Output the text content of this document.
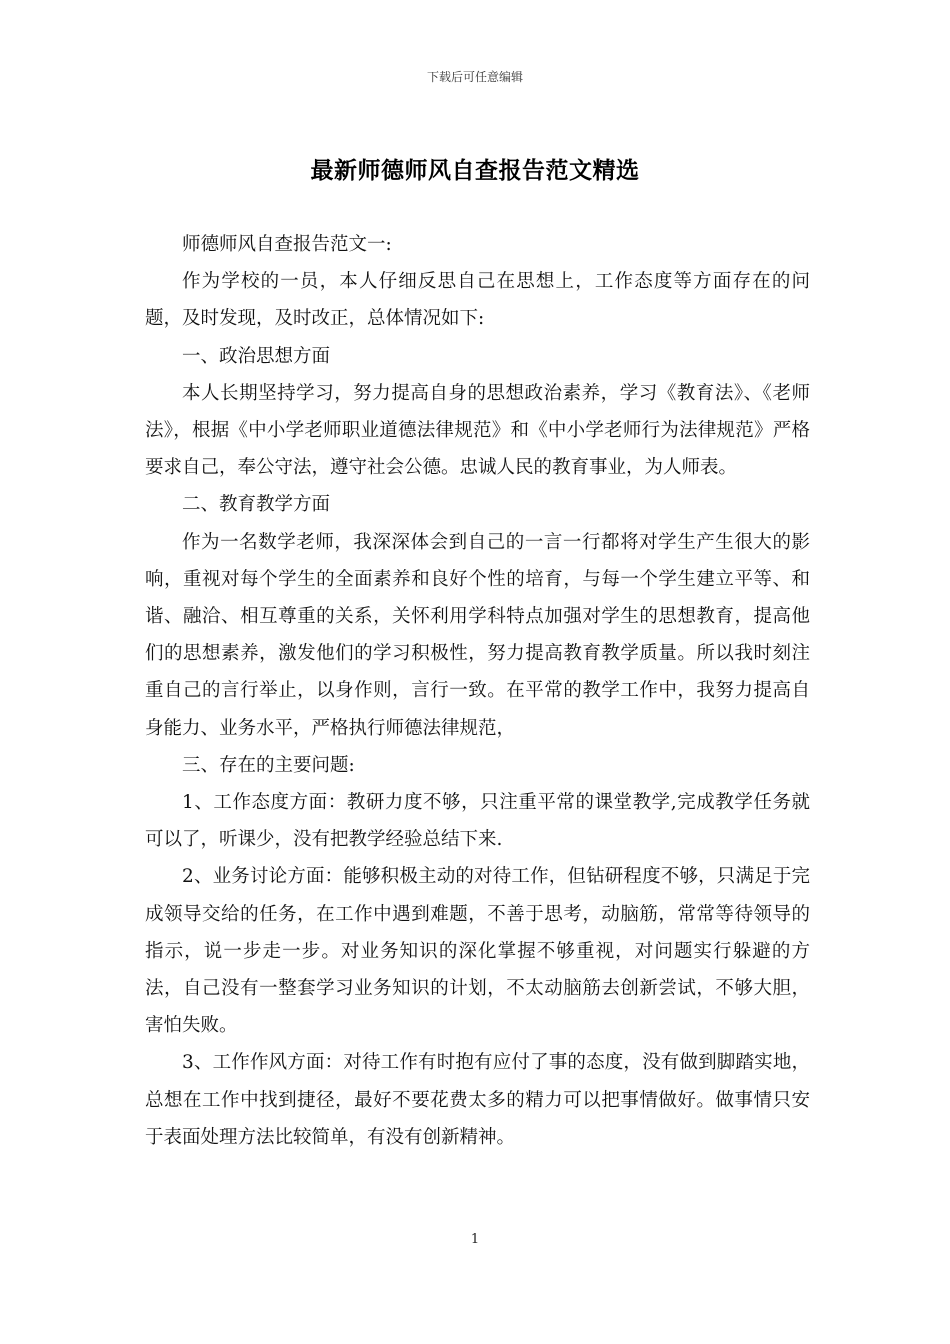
下载后可任意编辑
最新师德师风自查报告范文精选

师德师风自查报告范文一:

作为学校的一员，本人仔细反思自己在思想上，工作态度等方面存在的问题，及时发现，及时改正，总体情况如下:

一、政治思想方面

本人长期坚持学习，努力提高自身的思想政治素养，学习《教育法》、《老师法》，根据《中小学老师职业道德法律规范》和《中小学老师行为法律规范》严格要求自己，奉公守法，遵守社会公德。忠诚人民的教育事业，为人师表。

二、教育教学方面

作为一名数学老师，我深深体会到自己的一言一行都将对学生产生很大的影响，重视对每个学生的全面素养和良好个性的培育，与每一个学生建立平等、和谐、融洽、相互尊重的关系，关怀利用学科特点加强对学生的思想教育，提高他们的思想素养，激发他们的学习积极性，努力提高教育教学质量。所以我时刻注重自己的言行举止，以身作则，言行一致。在平常的教学工作中，我努力提高自身能力、业务水平，严格执行师德法律规范，

三、存在的主要问题:

1、工作态度方面：教研力度不够，只注重平常的课堂教学,完成教学任务就可以了，听课少，没有把教学经验总结下来.

2、业务讨论方面：能够积极主动的对待工作，但钻研程度不够，只满足于完成领导交给的任务，在工作中遇到难题，不善于思考，动脑筋，常常等待领导的指示，说一步走一步。对业务知识的深化掌握不够重视，对问题实行躲避的方法，自己没有一整套学习业务知识的计划，不太动脑筋去创新尝试，不够大胆，害怕失败。

3、工作作风方面：对待工作有时抱有应付了事的态度，没有做到脚踏实地，总想在工作中找到捷径，最好不要花费太多的精力可以把事情做好。做事情只安于表面处理方法比较简单，有没有创新精神。

1
